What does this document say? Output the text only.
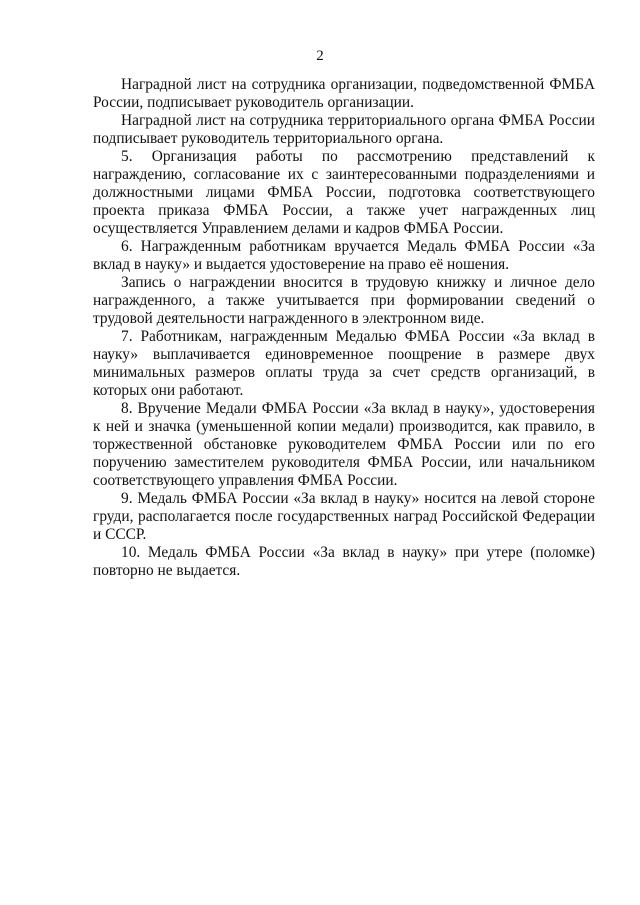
2

Наградной лист на сотрудника организации, подведомственной ФМБА России, подписывает руководитель организации.

Наградной лист на сотрудника территориального органа ФМБА России подписывает руководитель территориального органа.

5. Организация работы по рассмотрению представлений к награждению, согласование их с заинтересованными подразделениями и должностными лицами ФМБА России, подготовка соответствующего проекта приказа ФМБА России, а также учет награжденных лиц осуществляется Управлением делами и кадров ФМБА России.

6. Награжденным работникам вручается Медаль ФМБА России «За вклад в науку» и выдается удостоверение на право её ношения.

Запись о награждении вносится в трудовую книжку и личное дело награжденного, а также учитывается при формировании сведений о трудовой деятельности награжденного в электронном виде.

7. Работникам, награжденным Медалью ФМБА России «За вклад в науку» выплачивается единовременное поощрение в размере двух минимальных размеров оплаты труда за счет средств организаций, в которых они работают.

8. Вручение Медали ФМБА России «За вклад в науку», удостоверения к ней и значка (уменьшенной копии медали) производится, как правило, в торжественной обстановке руководителем ФМБА России или по его поручению заместителем руководителя ФМБА России, или начальником соответствующего управления ФМБА России.

9. Медаль ФМБА России «За вклад в науку» носится на левой стороне груди, располагается после государственных наград Российской Федерации и СССР.

10. Медаль ФМБА России «За вклад в науку» при утере (поломке) повторно не выдается.
